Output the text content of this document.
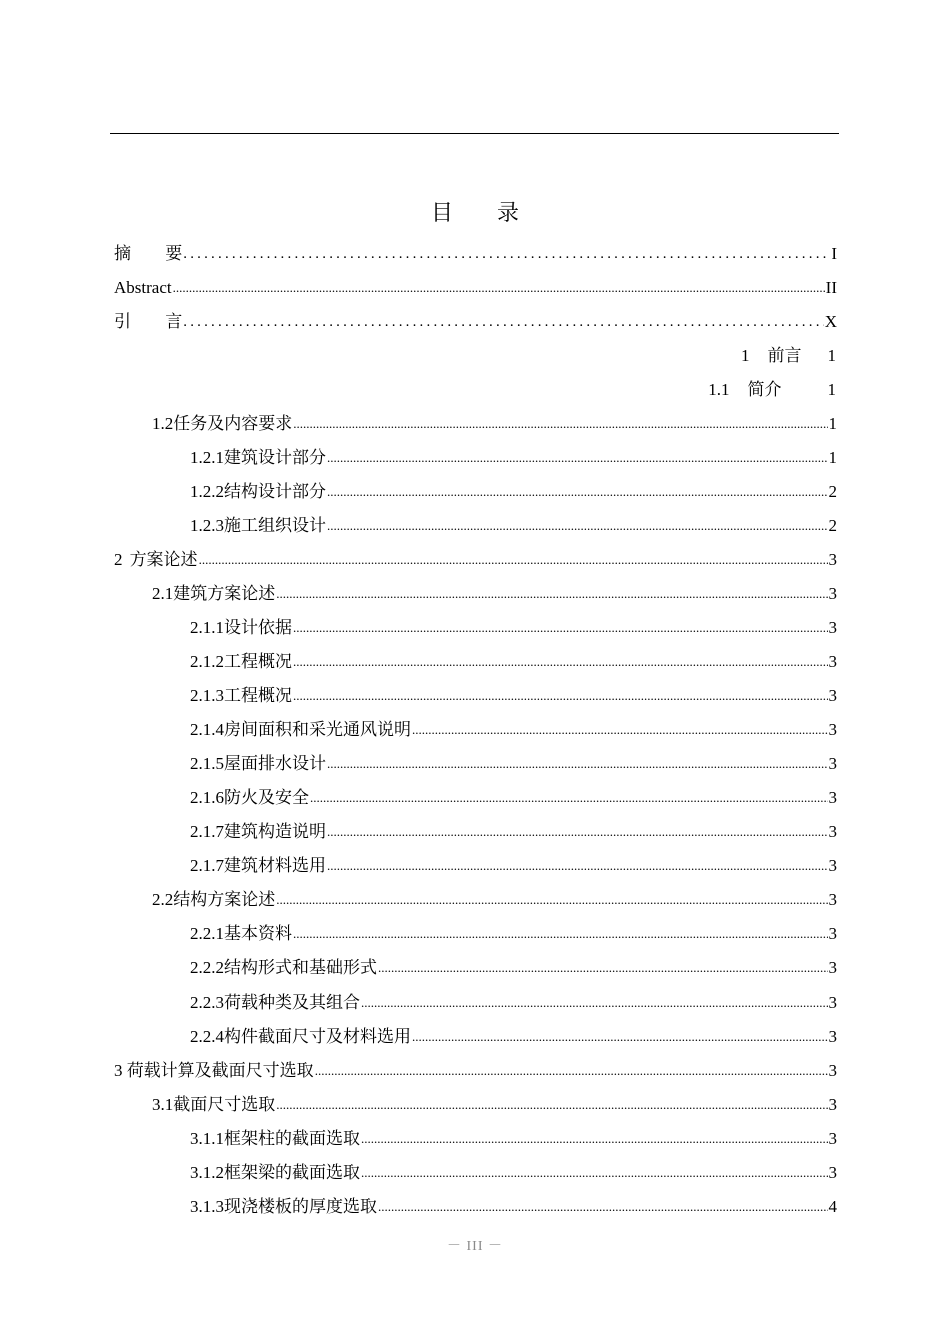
目 录
摘 要 .....	I
Abstract .....	II
引 言 .....	X
1 前言 1
1.1 简介	1
1.2 任务及内容要求 .....	1
1.2.1 建筑设计部分 .....	1
1.2.2 结构设计部分 .....	2
1.2.3 施工组织设计 .....	2
2 方案论述 .....	3
2.1 建筑方案论述 .....	3
2.1.1 设计依据 .....	3
2.1.2 工程概况 .....	3
2.1.3 工程概况 .....	3
2.1.4 房间面积和采光通风说明 .....	3
2.1.5 屋面排水设计 .....	3
2.1.6 防火及安全 .....	3
2.1.7 建筑构造说明 .....	3
2.1.7 建筑材料选用 .....	3
2.2 结构方案论述 .....	3
2.2.1 基本资料 .....	3
2.2.2 结构形式和基础形式 .....	3
2.2.3 荷载种类及其组合 .....	3
2.2.4 构件截面尺寸及材料选用 .....	3
3 荷载计算及截面尺寸选取 .....	3
3.1 截面尺寸选取 .....	3
3.1.1 框架柱的截面选取 .....	3
3.1.2 框架梁的截面选取 .....	3
3.1.3 现浇楼板的厚度选取 .....	4
－ III －
